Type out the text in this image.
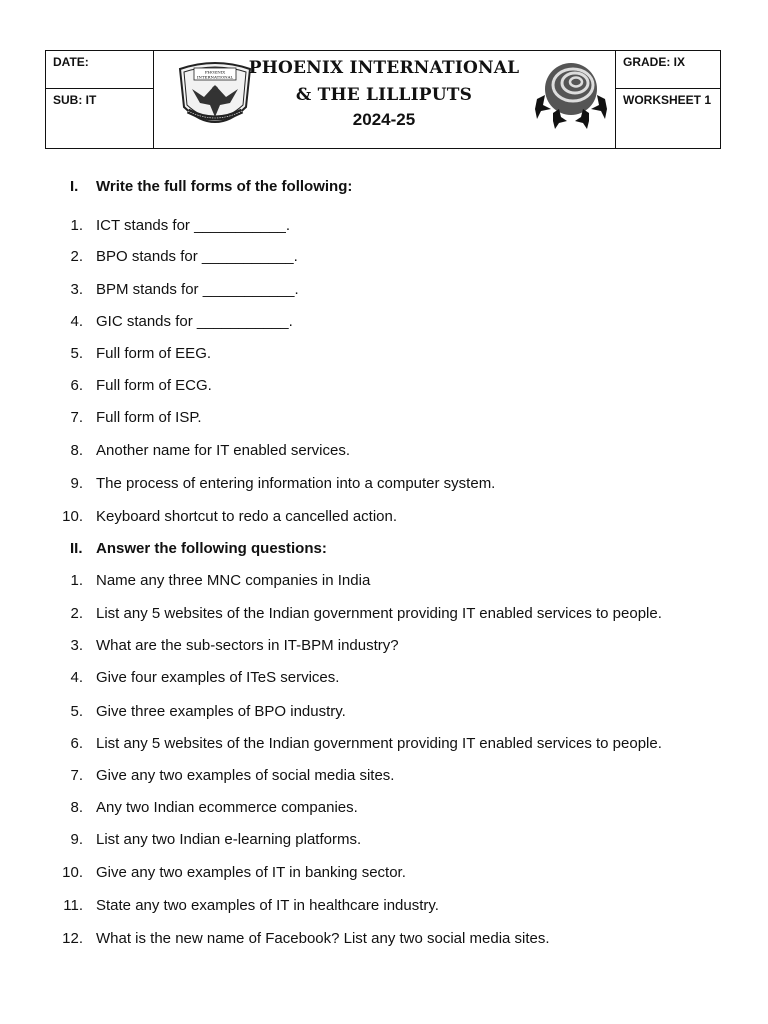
DATE:
SUB: IT
GRADE: IX
WORKSHEET 1
PHOENIX
INTERNATIONAL PHOENIX INTERNATIONAL
& THE LILLIPUTS
2024-25
I.	Write the full forms of the following:
1. ICT stands for ___________.
2. BPO stands for ___________.
3. BPM stands for ___________.
4. GIC stands for ___________.
5. Full form of EEG.
6. Full form of ECG.
7. Full form of ISP.
8. Another name for IT enabled services.
9. The process of entering information into a computer system.
10. Keyboard shortcut to redo a cancelled action.
II. Answer the following questions:
1. Name any three MNC companies in India
2. List any 5 websites of the Indian government providing IT enabled services to people.
3. What are the sub-sectors in IT-BPM industry?
4. Give four examples of ITeS services.
5. Give three examples of BPO industry.
6. List any 5 websites of the Indian government providing IT enabled services to people.
7. Give any two examples of social media sites.
8. Any two Indian ecommerce companies.
9. List any two Indian e-learning platforms.
10. Give any two examples of IT in banking sector.
11. State any two examples of IT in healthcare industry.
12. What is the new name of Facebook? List any two social media sites.
